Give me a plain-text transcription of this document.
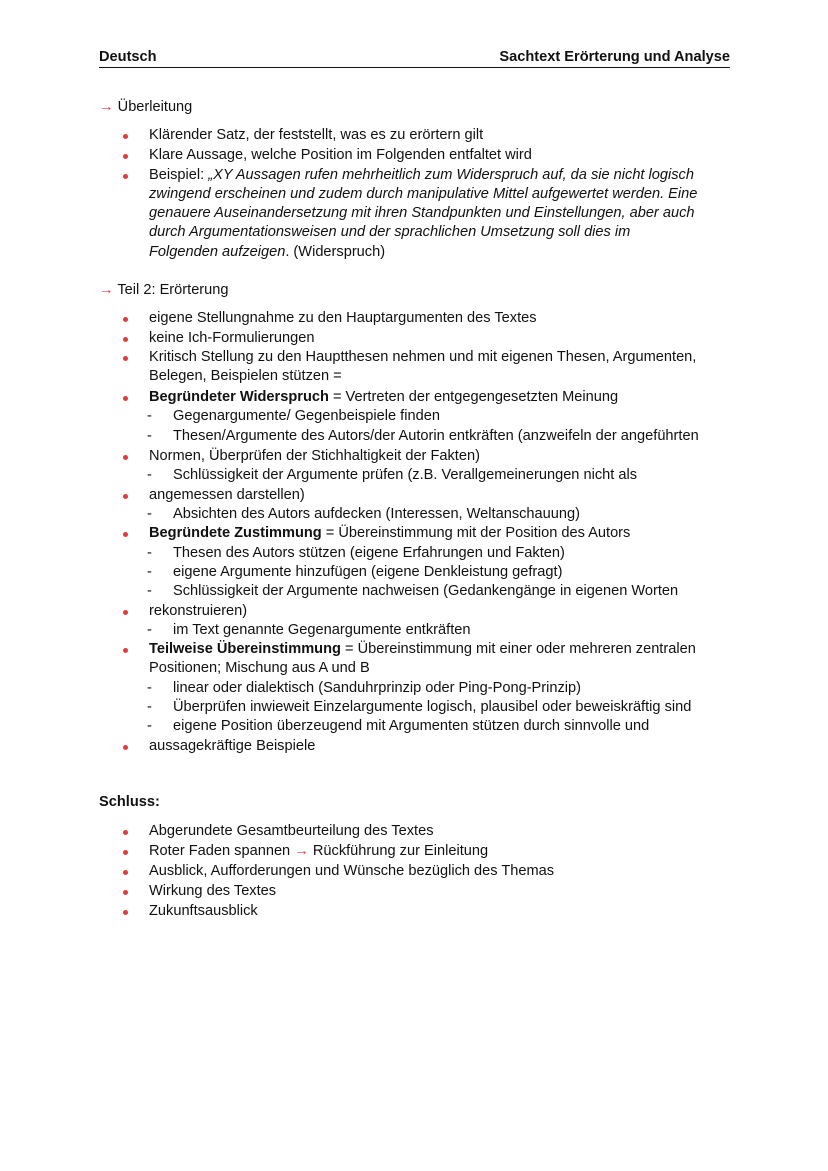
Deutsch	Sachtext Erörterung und Analyse
→ Überleitung
Klärender Satz, der feststellt, was es zu erörtern gilt
Klare Aussage, welche Position im Folgenden entfaltet wird
Beispiel: „XY Aussagen rufen mehrheitlich zum Widerspruch auf, da sie nicht logisch
zwingend erscheinen und zudem durch manipulative Mittel aufgewertet werden. Eine
genauere Auseinandersetzung mit ihren Standpunkten und Einstellungen, aber auch
durch Argumentationsweisen und der sprachlichen Umsetzung soll dies im
Folgenden aufzeigen. (Widerspruch)
→ Teil 2: Erörterung
eigene Stellungnahme zu den Hauptargumenten des Textes
keine Ich-Formulierungen
Kritisch Stellung zu den Hauptthesen nehmen und mit eigenen Thesen, Argumenten,
Belegen, Beispielen stützen =
Begründeter Widerspruch = Vertreten der entgegengesetzten Meinung
- Gegenargumente/ Gegenbeispiele finden
- Thesen/Argumente des Autors/der Autorin entkräften (anzweifeln der angeführten
Normen, Überprüfen der Stichhaltigkeit der Fakten)
- Schlüssigkeit der Argumente prüfen (z.B. Verallgemeinerungen nicht als
angemessen darstellen)
- Absichten des Autors aufdecken (Interessen, Weltanschauung)
Begründete Zustimmung = Übereinstimmung mit der Position des Autors
- Thesen des Autors stützen (eigene Erfahrungen und Fakten)
- eigene Argumente hinzufügen (eigene Denkleistung gefragt)
- Schlüssigkeit der Argumente nachweisen (Gedankengänge in eigenen Worten
rekonstruieren)
- im Text genannte Gegenargumente entkräften
Teilweise Übereinstimmung = Übereinstimmung mit einer oder mehreren zentralen
Positionen; Mischung aus A und B
- linear oder dialektisch (Sanduhrprinzip oder Ping-Pong-Prinzip)
- Überprüfen inwieweit Einzelargumente logisch, plausibel oder beweiskräftig sind
- eigene Position überzeugend mit Argumenten stützen durch sinnvolle und
aussagekräftige Beispiele
Schluss:
Abgerundete Gesamtbeurteilung des Textes
Roter Faden spannen → Rückführung zur Einleitung
Ausblick, Aufforderungen und Wünsche bezüglich des Themas
Wirkung des Textes
Zukunftsausblick
